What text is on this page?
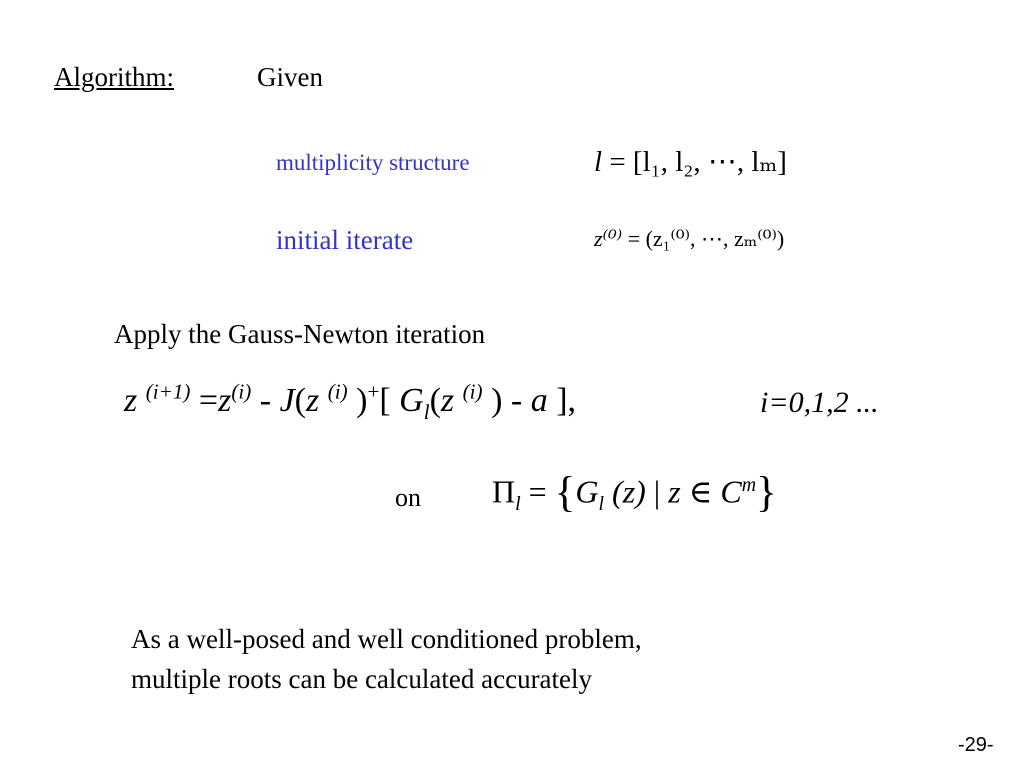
Algorithm:	Given
multiplicity structure	l = [l₁, l₂, ⋯, lₘ]
initial iterate	z⁽⁰⁾ = (z₁⁽⁰⁾, ⋯, zₘ⁽⁰⁾)
Apply the Gauss-Newton iteration
z $^{(i+1)} =z^{(i)} - J(z$ $^{(i)}$ )+[ $G_l(z$ $^{(i)}$ ) - a ],	i=0,1,2 ...
on $\Pi_l = \{G_l$ (z) | z ∈ $C^m$}
As a well-posed and well conditioned problem,
multiple roots can be calculated accurately
-29-
